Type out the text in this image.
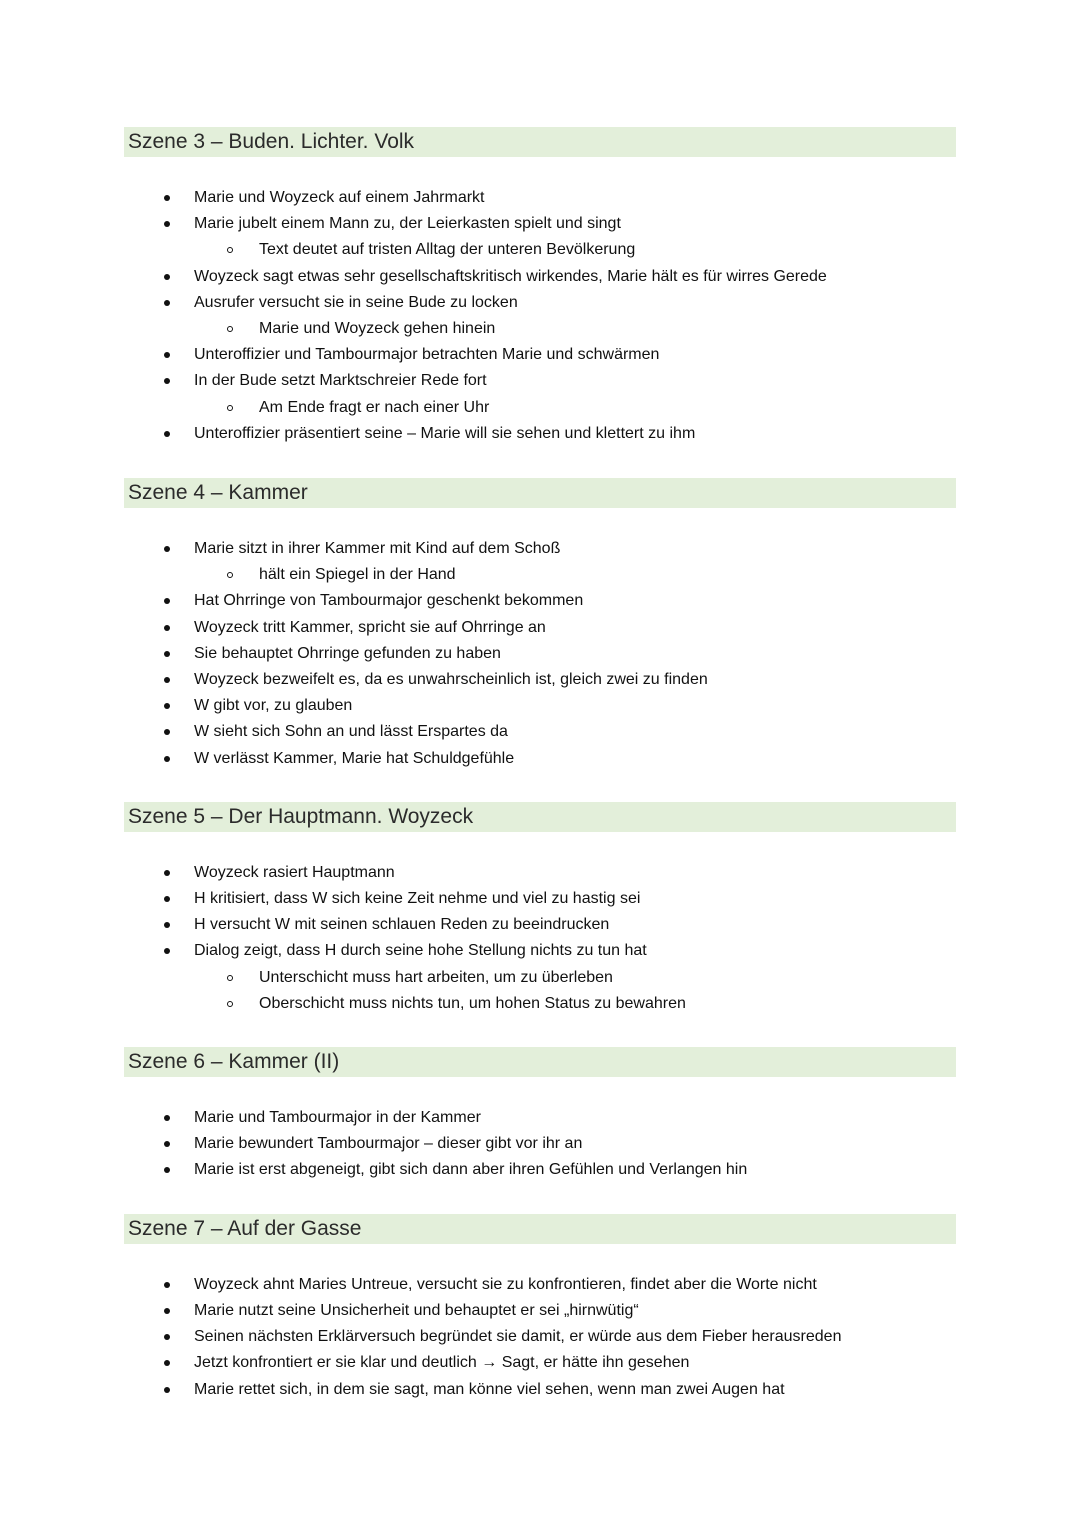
Szene 3 – Buden. Lichter. Volk
Marie und Woyzeck auf einem Jahrmarkt
Marie jubelt einem Mann zu, der Leierkasten spielt und singt
Text deutet auf tristen Alltag der unteren Bevölkerung
Woyzeck sagt etwas sehr gesellschaftskritisch wirkendes, Marie hält es für wirres Gerede
Ausrufer versucht sie in seine Bude zu locken
Marie und Woyzeck gehen hinein
Unteroffizier und Tambourmajor betrachten Marie und schwärmen
In der Bude setzt Marktschreier Rede fort
Am Ende fragt er nach einer Uhr
Unteroffizier präsentiert seine – Marie will sie sehen und klettert zu ihm
Szene 4 – Kammer
Marie sitzt in ihrer Kammer mit Kind auf dem Schoß
hält ein Spiegel in der Hand
Hat Ohrringe von Tambourmajor geschenkt bekommen
Woyzeck tritt Kammer, spricht sie auf Ohrringe an
Sie behauptet Ohrringe gefunden zu haben
Woyzeck bezweifelt es, da es unwahrscheinlich ist, gleich zwei zu finden
W gibt vor, zu glauben
W sieht sich Sohn an und lässt Erspartes da
W verlässt Kammer, Marie hat Schuldgefühle
Szene 5 – Der Hauptmann. Woyzeck
Woyzeck rasiert Hauptmann
H kritisiert, dass W sich keine Zeit nehme und viel zu hastig sei
H versucht W mit seinen schlauen Reden zu beeindrucken
Dialog zeigt, dass H durch seine hohe Stellung nichts zu tun hat
Unterschicht muss hart arbeiten, um zu überleben
Oberschicht muss nichts tun, um hohen Status zu bewahren
Szene 6 – Kammer (II)
Marie und Tambourmajor in der Kammer
Marie bewundert Tambourmajor – dieser gibt vor ihr an
Marie ist erst abgeneigt, gibt sich dann aber ihren Gefühlen und Verlangen hin
Szene 7 – Auf der Gasse
Woyzeck ahnt Maries Untreue, versucht sie zu konfrontieren, findet aber die Worte nicht
Marie nutzt seine Unsicherheit und behauptet er sei „hirnwütig“
Seinen nächsten Erklärversuch begründet sie damit, er würde aus dem Fieber herausreden
Jetzt konfrontiert er sie klar und deutlich → Sagt, er hätte ihn gesehen
Marie rettet sich, in dem sie sagt, man könne viel sehen, wenn man zwei Augen hat
